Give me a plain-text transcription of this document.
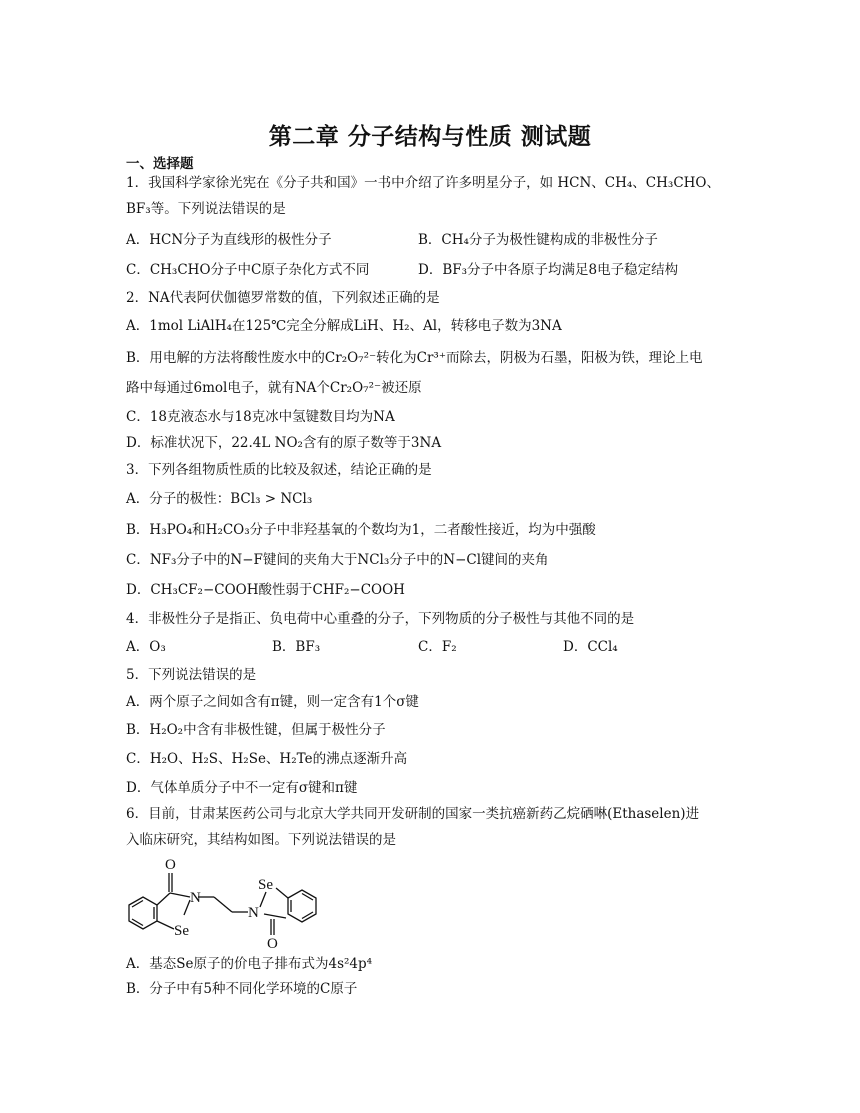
第二章 分子结构与性质 测试题
一、选择题
1．我国科学家徐光宪在《分子共和国》一书中介绍了许多明星分子，如 HCN、CH₄、CH₃CHO、
BF₃等。下列说法错误的是
A．HCN分子为直线形的极性分子	B．CH₄分子为极性键构成的非极性分子
C．CH₃CHO分子中C原子杂化方式不同	D．BF₃分子中各原子均满足8电子稳定结构
2．NA代表阿伏伽德罗常数的值，下列叙述正确的是
A．1mol LiAlH₄在125℃完全分解成LiH、H₂、Al，转移电子数为3NA
B．用电解的方法将酸性废水中的Cr₂O₇²⁻转化为Cr³⁺而除去，阴极为石墨，阳极为铁，理论上电
路中每通过6mol电子，就有NA个Cr₂O₇²⁻被还原
C．18克液态水与18克冰中氢键数目均为NA
D．标准状况下，22.4L NO₂含有的原子数等于3NA
3．下列各组物质性质的比较及叙述，结论正确的是
A．分子的极性：BCl₃ > NCl₃
B．H₃PO₄和H₂CO₃分子中非羟基氧的个数均为1，二者酸性接近，均为中强酸
C．NF₃分子中的N−F键间的夹角大于NCl₃分子中的N−Cl键间的夹角
D．CH₃CF₂−COOH酸性弱于CHF₂−COOH
4．非极性分子是指正、负电荷中心重叠的分子，下列物质的分子极性与其他不同的是
A．O₃	B．BF₃	C．F₂	D．CCl₄
5．下列说法错误的是
A．两个原子之间如含有π键，则一定含有1个σ键
B．H₂O₂中含有非极性键，但属于极性分子
C．H₂O、H₂S、H₂Se、H₂Te的沸点逐渐升高
D．气体单质分子中不一定有σ键和π键
6．目前，甘肃某医药公司与北京大学共同开发研制的国家一类抗癌新药乙烷硒啉(Ethaselen)进
入临床研究，其结构如图。下列说法错误的是
O
N
Se
Se
N
O
A．基态Se原子的价电子排布式为4s²4p⁴
B．分子中有5种不同化学环境的C原子
